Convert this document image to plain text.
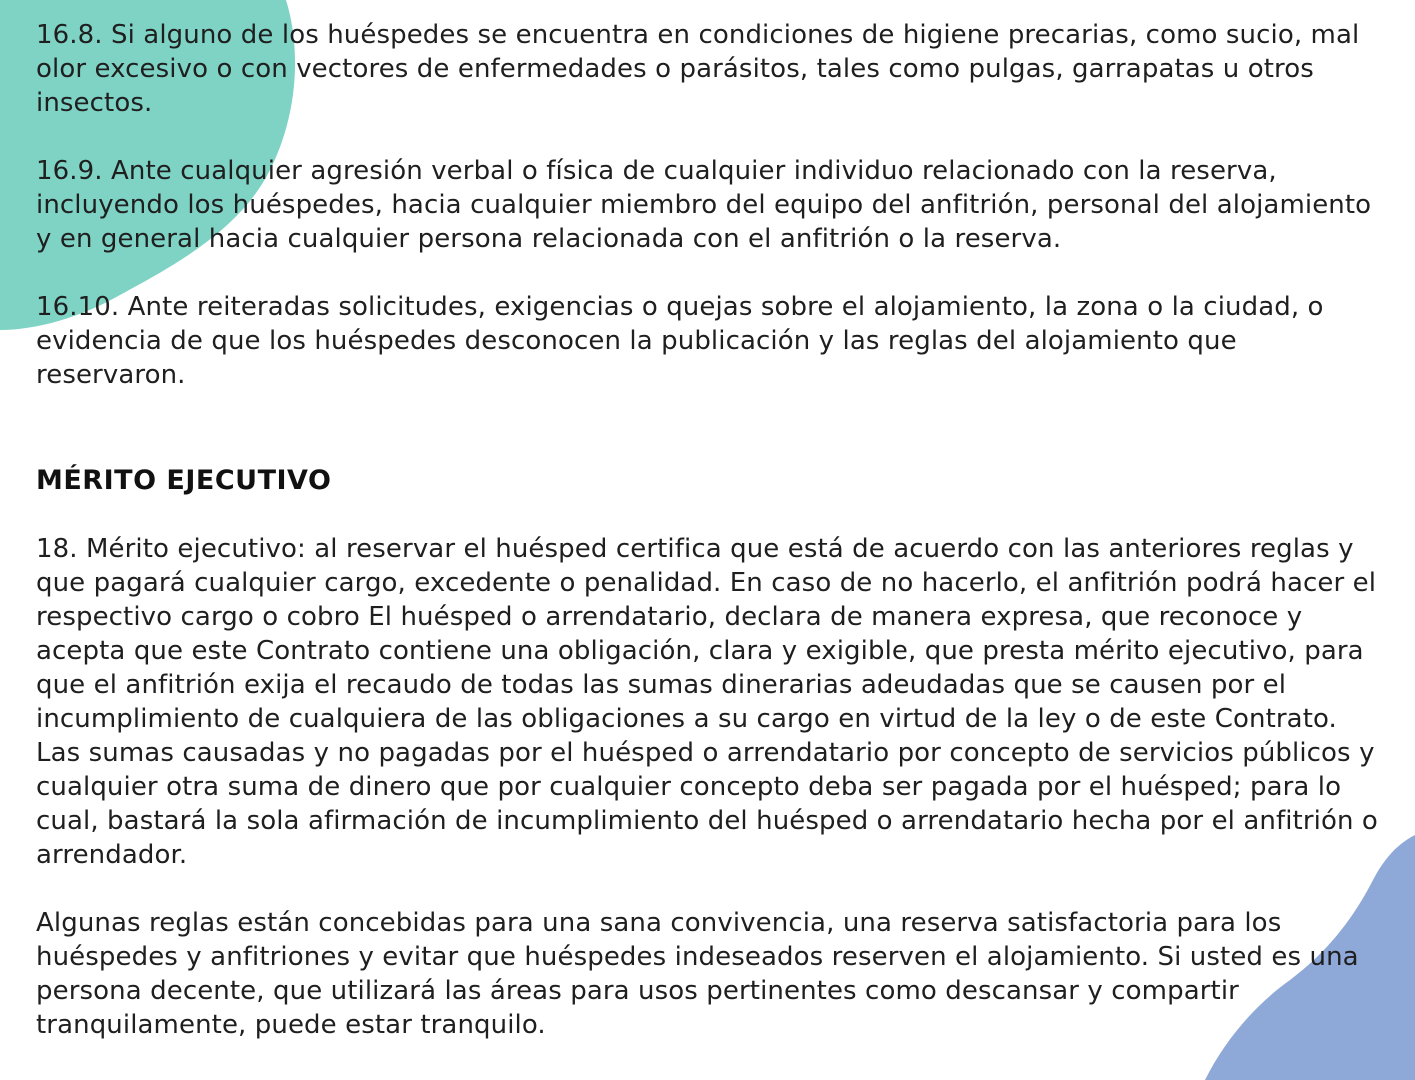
16.8. Si alguno de los huéspedes se encuentra en condiciones de higiene precarias, como sucio, mal olor excesivo o con vectores de enfermedades o parásitos, tales como pulgas, garrapatas u otros insectos.

16.9. Ante cualquier agresión verbal o física de cualquier individuo relacionado con la reserva, incluyendo los huéspedes, hacia cualquier miembro del equipo del anfitrión, personal del alojamiento y en general hacia cualquier persona relacionada con el anfitrión o la reserva.

16.10. Ante reiteradas solicitudes, exigencias o quejas sobre el alojamiento, la zona o la ciudad, o evidencia de que los huéspedes desconocen la publicación y las reglas del alojamiento que reservaron.

MÉRITO EJECUTIVO

18. Mérito ejecutivo: al reservar el huésped certifica que está de acuerdo con las anteriores reglas y que pagará cualquier cargo, excedente o penalidad. En caso de no hacerlo, el anfitrión podrá hacer el respectivo cargo o cobro El huésped o arrendatario, declara de manera expresa, que reconoce y acepta que este Contrato contiene una obligación, clara y exigible, que presta mérito ejecutivo, para que el anfitrión exija el recaudo de todas las sumas dinerarias adeudadas que se causen por el incumplimiento de cualquiera de las obligaciones a su cargo en virtud de la ley o de este Contrato. Las sumas causadas y no pagadas por el huésped o arrendatario por concepto de servicios públicos y cualquier otra suma de dinero que por cualquier concepto deba ser pagada por el huésped; para lo cual, bastará la sola afirmación de incumplimiento del huésped o arrendatario hecha por el anfitrión o arrendador.

Algunas reglas están concebidas para una sana convivencia, una reserva satisfactoria para los huéspedes y anfitriones y evitar que huéspedes indeseados reserven el alojamiento. Si usted es una persona decente, que utilizará las áreas para usos pertinentes como descansar y compartir tranquilamente, puede estar tranquilo.
